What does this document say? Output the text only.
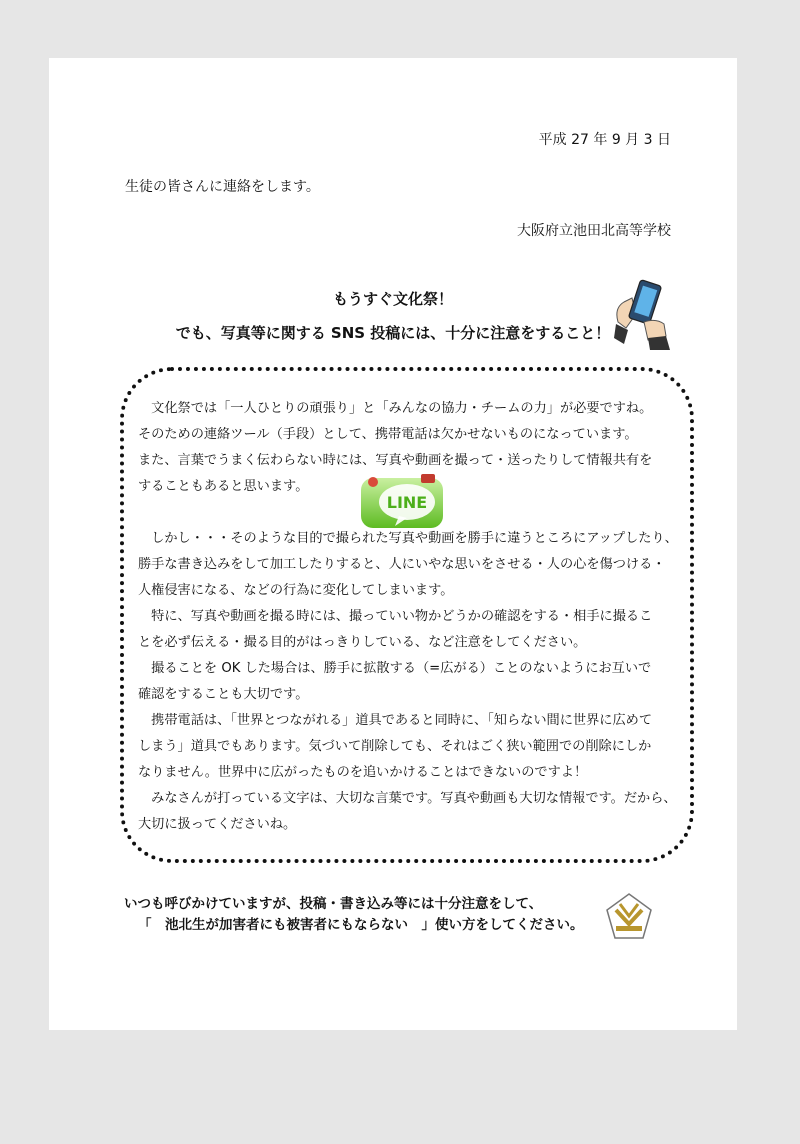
平成 27 年 9 月 3 日
生徒の皆さんに連絡をします。
大阪府立池田北高等学校
もうすぐ文化祭！
でも、写真等に関する SNS 投稿には、十分に注意をすること！
　文化祭では「一人ひとりの頑張り」と「みんなの協力・チームの力」が必要ですね。
そのための連絡ツール（手段）として、携帯電話は欠かせないものになっています。
また、言葉でうまく伝わらない時には、写真や動画を撮って・送ったりして情報共有を
することもあると思います。

　しかし・・・そのような目的で撮られた写真や動画を勝手に違うところにアップしたり、
勝手な書き込みをして加工したりすると、人にいやな思いをさせる・人の心を傷つける・
人権侵害になる、などの行為に変化してしまいます。
　特に、写真や動画を撮る時には、撮っていい物かどうかの確認をする・相手に撮るこ
とを必ず伝える・撮る目的がはっきりしている、など注意をしてください。
　撮ることを OK した場合は、勝手に拡散する（=広がる）ことのないようにお互いで
確認をすることも大切です。
　携帯電話は、「世界とつながれる」道具であると同時に、「知らない間に世界に広めて
しまう」道具でもあります。気づいて削除しても、それはごく狭い範囲での削除にしか
なりません。世界中に広がったものを追いかけることはできないのですよ！
　みなさんが打っている文字は、大切な言葉です。写真や動画も大切な情報です。だから、
大切に扱ってくださいね。
LINE
いつも呼びかけていますが、投稿・書き込み等には十分注意をして、
「　池北生が加害者にも被害者にもならない　」使い方をしてください。
